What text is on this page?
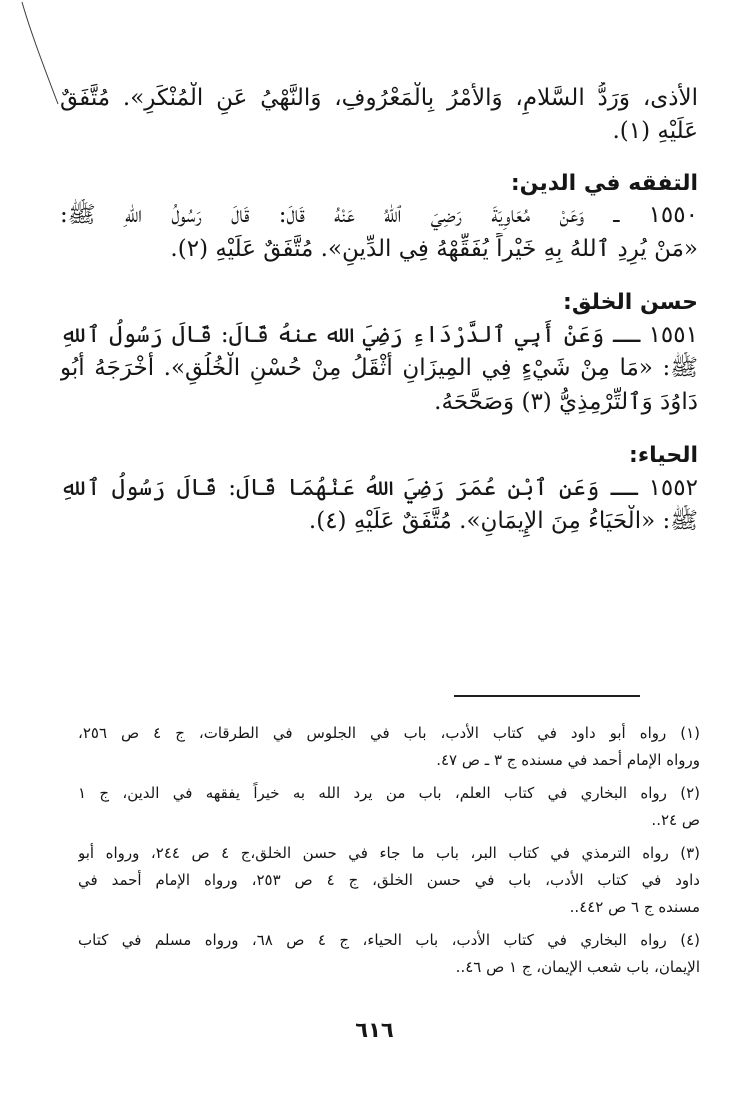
الأذى، وَرَدُّ السَّلامِ، وَالأَمْرُ بِالْمَعْرُوفِ، وَالنَّهْيُ عَنِ الْمُنْكَرِ». مُتَّفَقٌ
عَلَيْهِ (١).
التفقه في الدين:
١٥٥٠ ــ وَعَنْ مُعَاوِيَةَ رَضِيَ ٱللهُ عَنْهُ قَالَ: قَالَ رَسُولُ اللهِ ﷺ:
«مَنْ يُرِدِ ٱللهُ بِهِ خَيْراً يُفَقِّهْهُ فِي الدِّينِ». مُتَّفَقٌ عَلَيْهِ (٢).
حسن الخلق:
١٥٥١ ــ وَعَنْ أَبِي ٱلدَّرْدَاءِ رَضِيَ الله عنهُ قَالَ: قَالَ رَسُولُ ٱللهِ
ﷺ: «مَا مِنْ شَيْءٍ فِي المِيزَانِ أَثْقَلُ مِنْ حُسْنِ الْخُلُقِ». أَخْرَجَهُ أَبُو
دَاوُدَ وَٱلتِّرْمِذِيُّ (٣) وَصَحَّحَهُ.
الحياء:
١٥٥٢ ــ وَعَنِ ٱبْنِ عُمَرَ رَضِيَ اللهُ عَنْهُمَا قَالَ: قَالَ رَسُولُ ٱللهِ
ﷺ: «الْحَيَاءُ مِنَ الإِيمَانِ». مُتَّفَقٌ عَلَيْهِ (٤).
(١) رواه أبو داود في كتاب الأدب، باب في الجلوس في الطرقات، ج ٤ ص ٢٥٦،
ورواه الإمام أحمد في مسنده ج ٣ ـ ص ٤٧.
(٢) رواه البخاري في كتاب العلم، باب من يرد الله به خيراً يفقهه في الدين، ج ١
ص ٢٤..
(٣) رواه الترمذي في كتاب البر، باب ما جاء في حسن الخلق،ج ٤ ص ٢٤٤، ورواه أبو
داود في كتاب الأدب، باب في حسن الخلق، ج ٤ ص ٢٥٣، ورواه الإمام أحمد في
مسنده ج ٦ ص ٤٤٢..
(٤) رواه البخاري في كتاب الأدب، باب الحياء، ج ٤ ص ٦٨، ورواه مسلم في كتاب
الإيمان، باب شعب الإيمان، ج ١ ص ٤٦..
٦١٦
